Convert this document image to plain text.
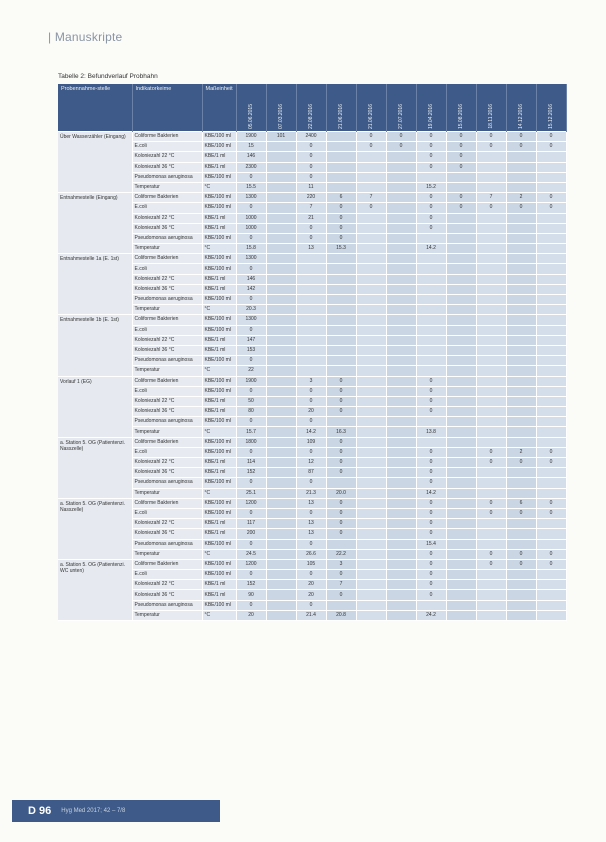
| Manuskripte
Tabelle 2: Befundverlauf Probhahn
Probennahme-stelle	Indikatorkeime	Maßeinheit	05.06.2015	07.03.2016	22.08.2016	21.06.2016	21.06.2016	27.07.2016	19.04.2016	15.08.2016	18.11.2016	14.12.2016	15.12.2016
Über Wasserzähler (Eingang)	Coliforme Bakterien	KBE/100 ml	1900	101	2400		0	0	0	0	0	0	0
	E.coli	KBE/100 ml	15		0		0	0	0	0	0	0	0
	Koloniezahl 22 °C	KBE/1 ml	146		0				0	0			
	Koloniezahl 36 °C	KBE/1 ml	2300		0				0	0			
	Pseudomonas aeruginosa	KBE/100 ml	0		0								
	Temperatur	°C	15.5		11				15.2				
Entnahmestelle (Eingang)	Coliforme Bakterien	KBE/100 ml	1300		220	6	7		0	0	7	2	0
	E.coli	KBE/100 ml	0		7	0	0		0	0	0	0	0
	Koloniezahl 22 °C	KBE/1 ml	1000		21	0			0				
	Koloniezahl 36 °C	KBE/1 ml	1000		0	0			0				
	Pseudomonas aeruginosa	KBE/100 ml	0		0	0							
	Temperatur	°C	15.8		13	15.3			14.2				
Entnahmestelle 1a (E. 1st)	Coliforme Bakterien	KBE/100 ml	1300										
	E.coli	KBE/100 ml	0										
	Koloniezahl 22 °C	KBE/1 ml	146										
	Koloniezahl 36 °C	KBE/1 ml	142										
	Pseudomonas aeruginosa	KBE/100 ml	0										
	Temperatur	°C	20.3										
Entnahmestelle 1b (E. 1st)	Coliforme Bakterien	KBE/100 ml	1300										
	E.coli	KBE/100 ml	0										
	Koloniezahl 22 °C	KBE/1 ml	147										
	Koloniezahl 36 °C	KBE/1 ml	153										
	Pseudomonas aeruginosa	KBE/100 ml	0										
	Temperatur	°C	22										
Vorlauf 1 (EG)	Coliforme Bakterien	KBE/100 ml	1900		3	0			0				
	E.coli	KBE/100 ml	0		0	0			0				
	Koloniezahl 22 °C	KBE/1 ml	50		0	0			0				
	Koloniezahl 36 °C	KBE/1 ml	80		20	0			0				
	Pseudomonas aeruginosa	KBE/100 ml	0		0								
	Temperatur	°C	15.7		14.2	16.3			13.8				
a. Station 5. OG (Patientenzi. Nasszelle)	Coliforme Bakterien	KBE/100 ml	1800		109	0							
	E.coli	KBE/100 ml	0		0	0			0		0	2	0
	Koloniezahl 22 °C	KBE/1 ml	114		12	0			0		0	0	0
	Koloniezahl 36 °C	KBE/1 ml	152		87	0			0				
	Pseudomonas aeruginosa	KBE/100 ml	0		0				0				
	Temperatur	°C	25.1		21.3	20.0			14.2				
a. Station 5. OG (Patientenzi. Nasszelle)	Coliforme Bakterien	KBE/100 ml	1200		13	0			0		0	6	0
	E.coli	KBE/100 ml	0		0	0			0		0	0	0
	Koloniezahl 22 °C	KBE/1 ml	117		13	0			0				
	Koloniezahl 36 °C	KBE/1 ml	200		13	0			0				
	Pseudomonas aeruginosa	KBE/100 ml	0		0				15.4				
	Temperatur	°C	24.5		26.6	22.2			0		0	0	0
a. Station 5. OG (Patientenzi. WC unten)	Coliforme Bakterien	KBE/100 ml	1200		105	3			0		0	0	0
	E.coli	KBE/100 ml	0		0	0			0				
	Koloniezahl 22 °C	KBE/1 ml	152		20	7			0				
	Koloniezahl 36 °C	KBE/1 ml	90		20	0			0				
	Pseudomonas aeruginosa	KBE/100 ml	0		0								
	Temperatur	°C	20		21.4	20.8			24.2				
D 96 Hyg Med 2017; 42 – 7/8
